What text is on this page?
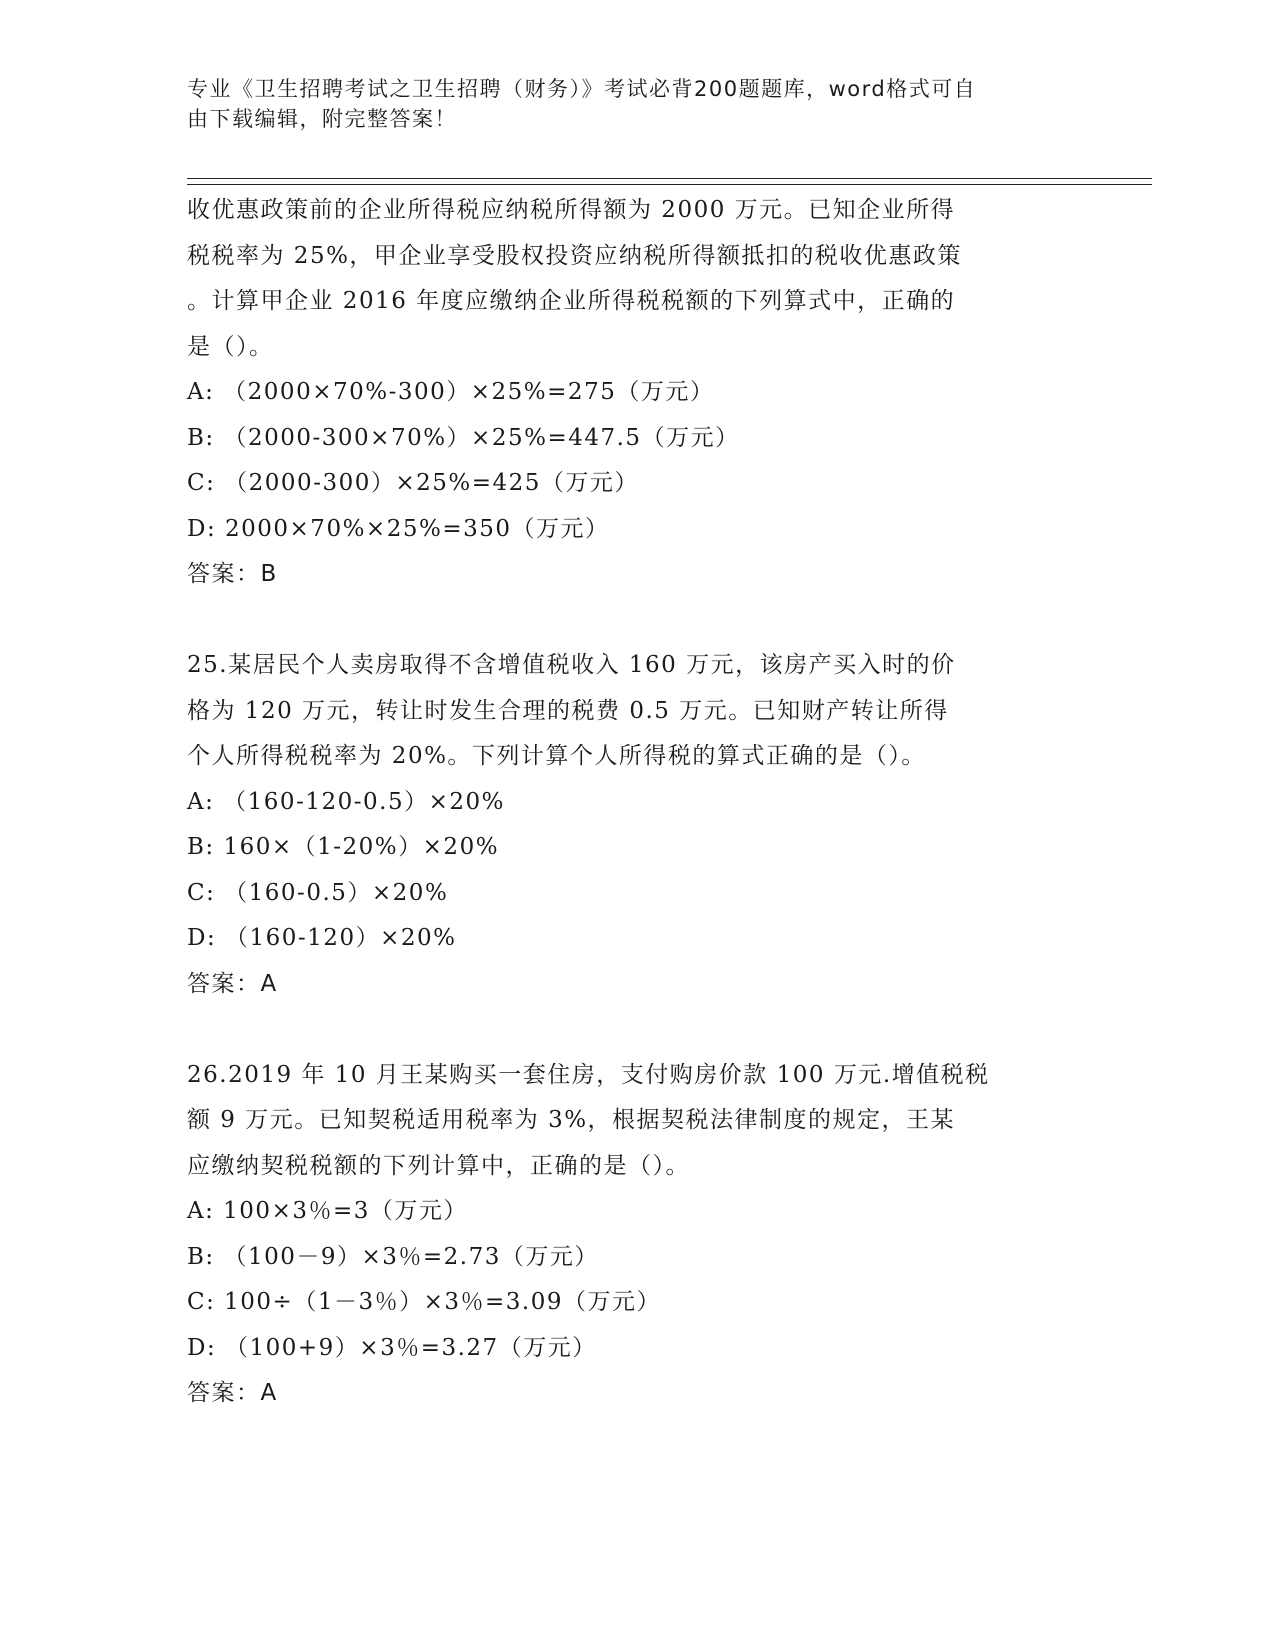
专业《卫生招聘考试之卫生招聘（财务）》考试必背200题题库，word格式可自
由下载编辑，附完整答案！
收优惠政策前的企业所得税应纳税所得额为 2000 万元。已知企业所得
税税率为 25%，甲企业享受股权投资应纳税所得额抵扣的税收优惠政策
。计算甲企业 2016 年度应缴纳企业所得税税额的下列算式中，正确的
是（）。
A: （2000×70%-300）×25%=275（万元）
B: （2000-300×70%）×25%=447.5（万元）
C: （2000-300）×25%=425（万元）
D: 2000×70%×25%=350（万元）
答案：B
25.某居民个人卖房取得不含增值税收入 160 万元，该房产买入时的价
格为 120 万元，转让时发生合理的税费 0.5 万元。已知财产转让所得
个人所得税税率为 20%。下列计算个人所得税的算式正确的是（）。
A: （160-120-0.5）×20%
B: 160×（1-20%）×20%
C: （160-0.5）×20%
D: （160-120）×20%
答案：A
26.2019 年 10 月王某购买一套住房，支付购房价款 100 万元.增值税税
额 9 万元。已知契税适用税率为 3%，根据契税法律制度的规定，王某
应缴纳契税税额的下列计算中，正确的是（）。
A: 100×3％=3（万元）
B: （100－9）×3％=2.73（万元）
C: 100÷（1－3％）×3％=3.09（万元）
D: （100+9）×3％=3.27（万元）
答案：A
